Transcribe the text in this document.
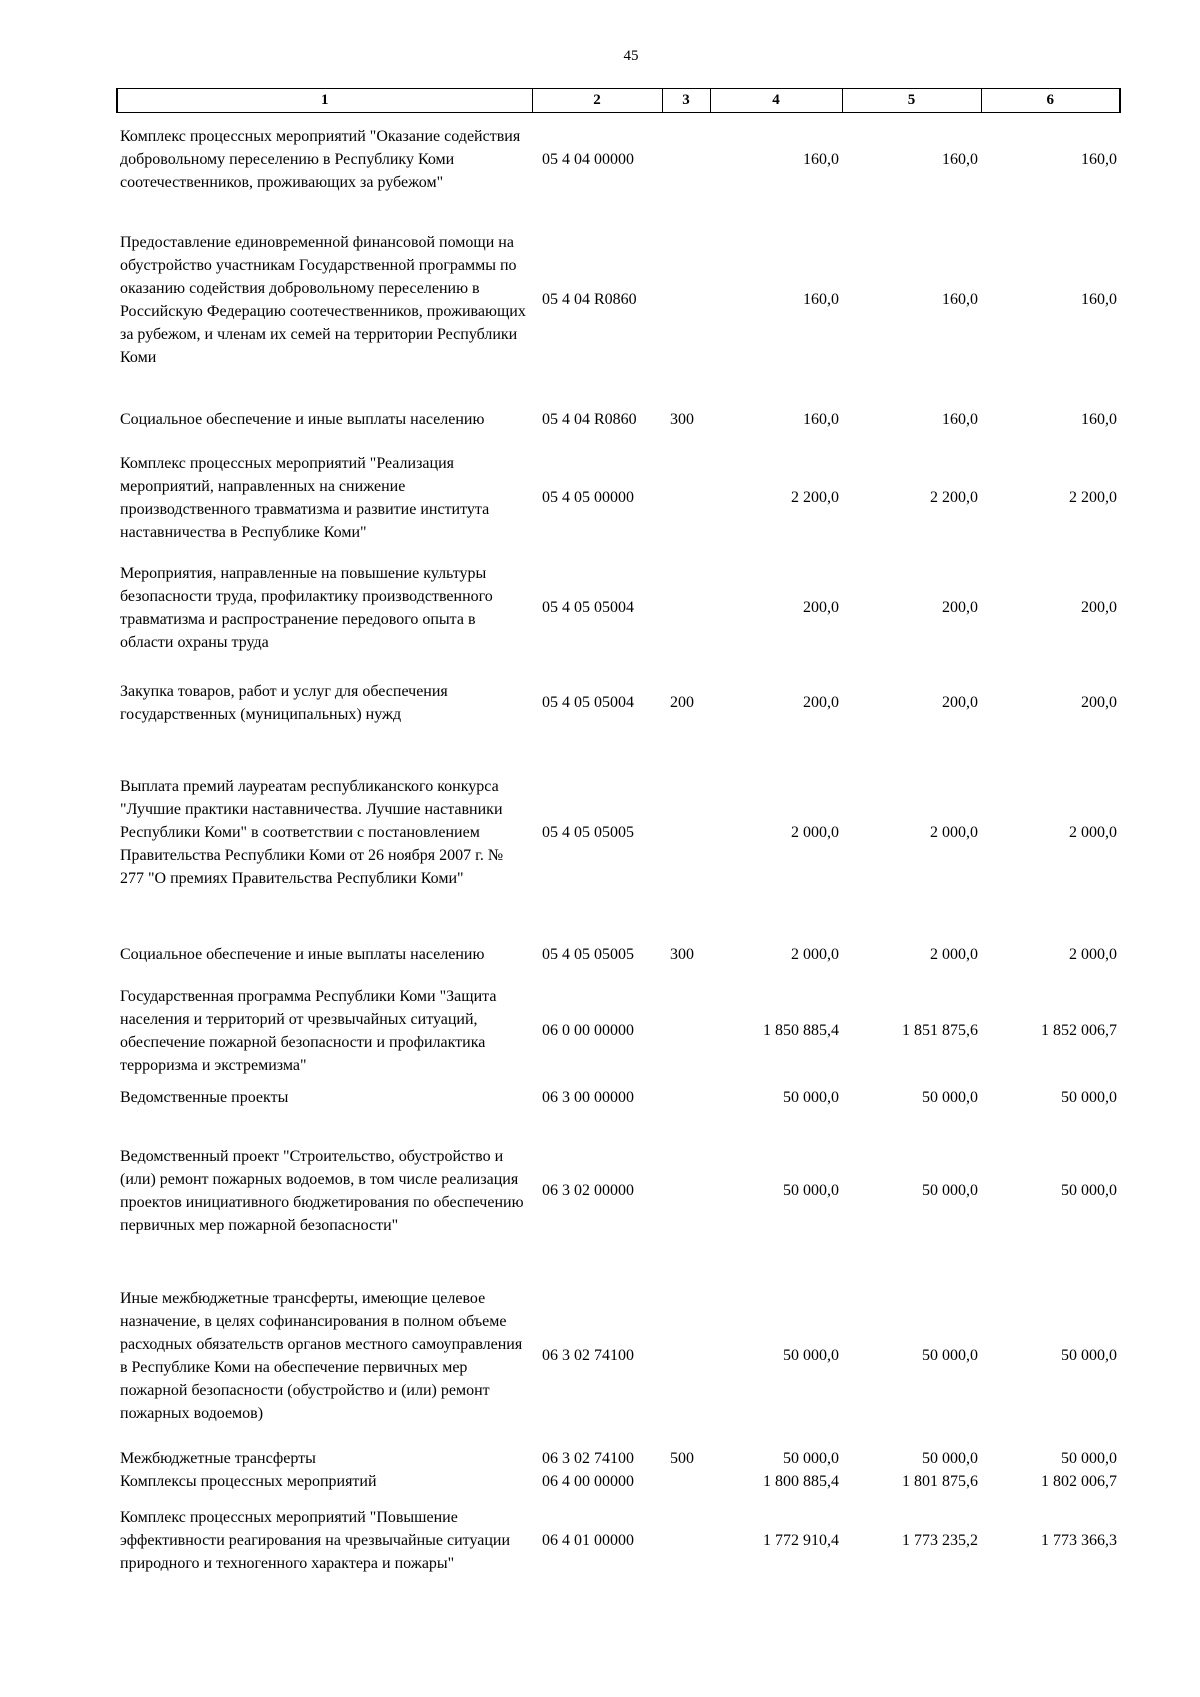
45
1	2	3	4	5	6
Комплекс процессных мероприятий "Оказание содействия добровольному переселению в Республику Коми соотечественников, проживающих за рубежом"	05 4 04 00000		160,0	160,0	160,0
Предоставление единовременной финансовой помощи на обустройство участникам Государственной программы по оказанию содействия добровольному переселению в Российскую Федерацию соотечественников, проживающих за рубежом, и членам их семей на территории Республики Коми	05 4 04 R0860		160,0	160,0	160,0
Социальное обеспечение и иные выплаты населению	05 4 04 R0860	300	160,0	160,0	160,0
Комплекс процессных мероприятий "Реализация мероприятий, направленных на снижение производственного травматизма и развитие института наставничества в Республике Коми"	05 4 05 00000		2 200,0	2 200,0	2 200,0
Мероприятия, направленные на повышение культуры безопасности труда, профилактику производственного травматизма и распространение передового опыта в области охраны труда	05 4 05 05004		200,0	200,0	200,0
Закупка товаров, работ и услуг для обеспечения государственных (муниципальных) нужд	05 4 05 05004	200	200,0	200,0	200,0
Выплата премий лауреатам республиканского конкурса "Лучшие практики наставничества. Лучшие наставники Республики Коми" в соответствии с постановлением Правительства Республики Коми от 26 ноября 2007 г. № 277 "О премиях Правительства Республики Коми"	05 4 05 05005		2 000,0	2 000,0	2 000,0
Социальное обеспечение и иные выплаты населению	05 4 05 05005	300	2 000,0	2 000,0	2 000,0
Государственная программа Республики Коми "Защита населения и территорий от чрезвычайных ситуаций, обеспечение пожарной безопасности и профилактика терроризма и экстремизма"	06 0 00 00000		1 850 885,4	1 851 875,6	1 852 006,7
Ведомственные проекты	06 3 00 00000		50 000,0	50 000,0	50 000,0
Ведомственный проект "Строительство, обустройство и (или) ремонт пожарных водоемов, в том числе реализация проектов инициативного бюджетирования по обеспечению первичных мер пожарной безопасности"	06 3 02 00000		50 000,0	50 000,0	50 000,0
Иные межбюджетные трансферты, имеющие целевое назначение, в целях софинансирования в полном объеме расходных обязательств органов местного самоуправления в Республике Коми на обеспечение первичных мер пожарной безопасности (обустройство и (или) ремонт пожарных водоемов)	06 3 02 74100		50 000,0	50 000,0	50 000,0
Межбюджетные трансферты	06 3 02 74100	500	50 000,0	50 000,0	50 000,0
Комплексы процессных мероприятий	06 4 00 00000		1 800 885,4	1 801 875,6	1 802 006,7
Комплекс процессных мероприятий "Повышение эффективности реагирования на чрезвычайные ситуации природного и техногенного характера и пожары"	06 4 01 00000		1 772 910,4	1 773 235,2	1 773 366,3
